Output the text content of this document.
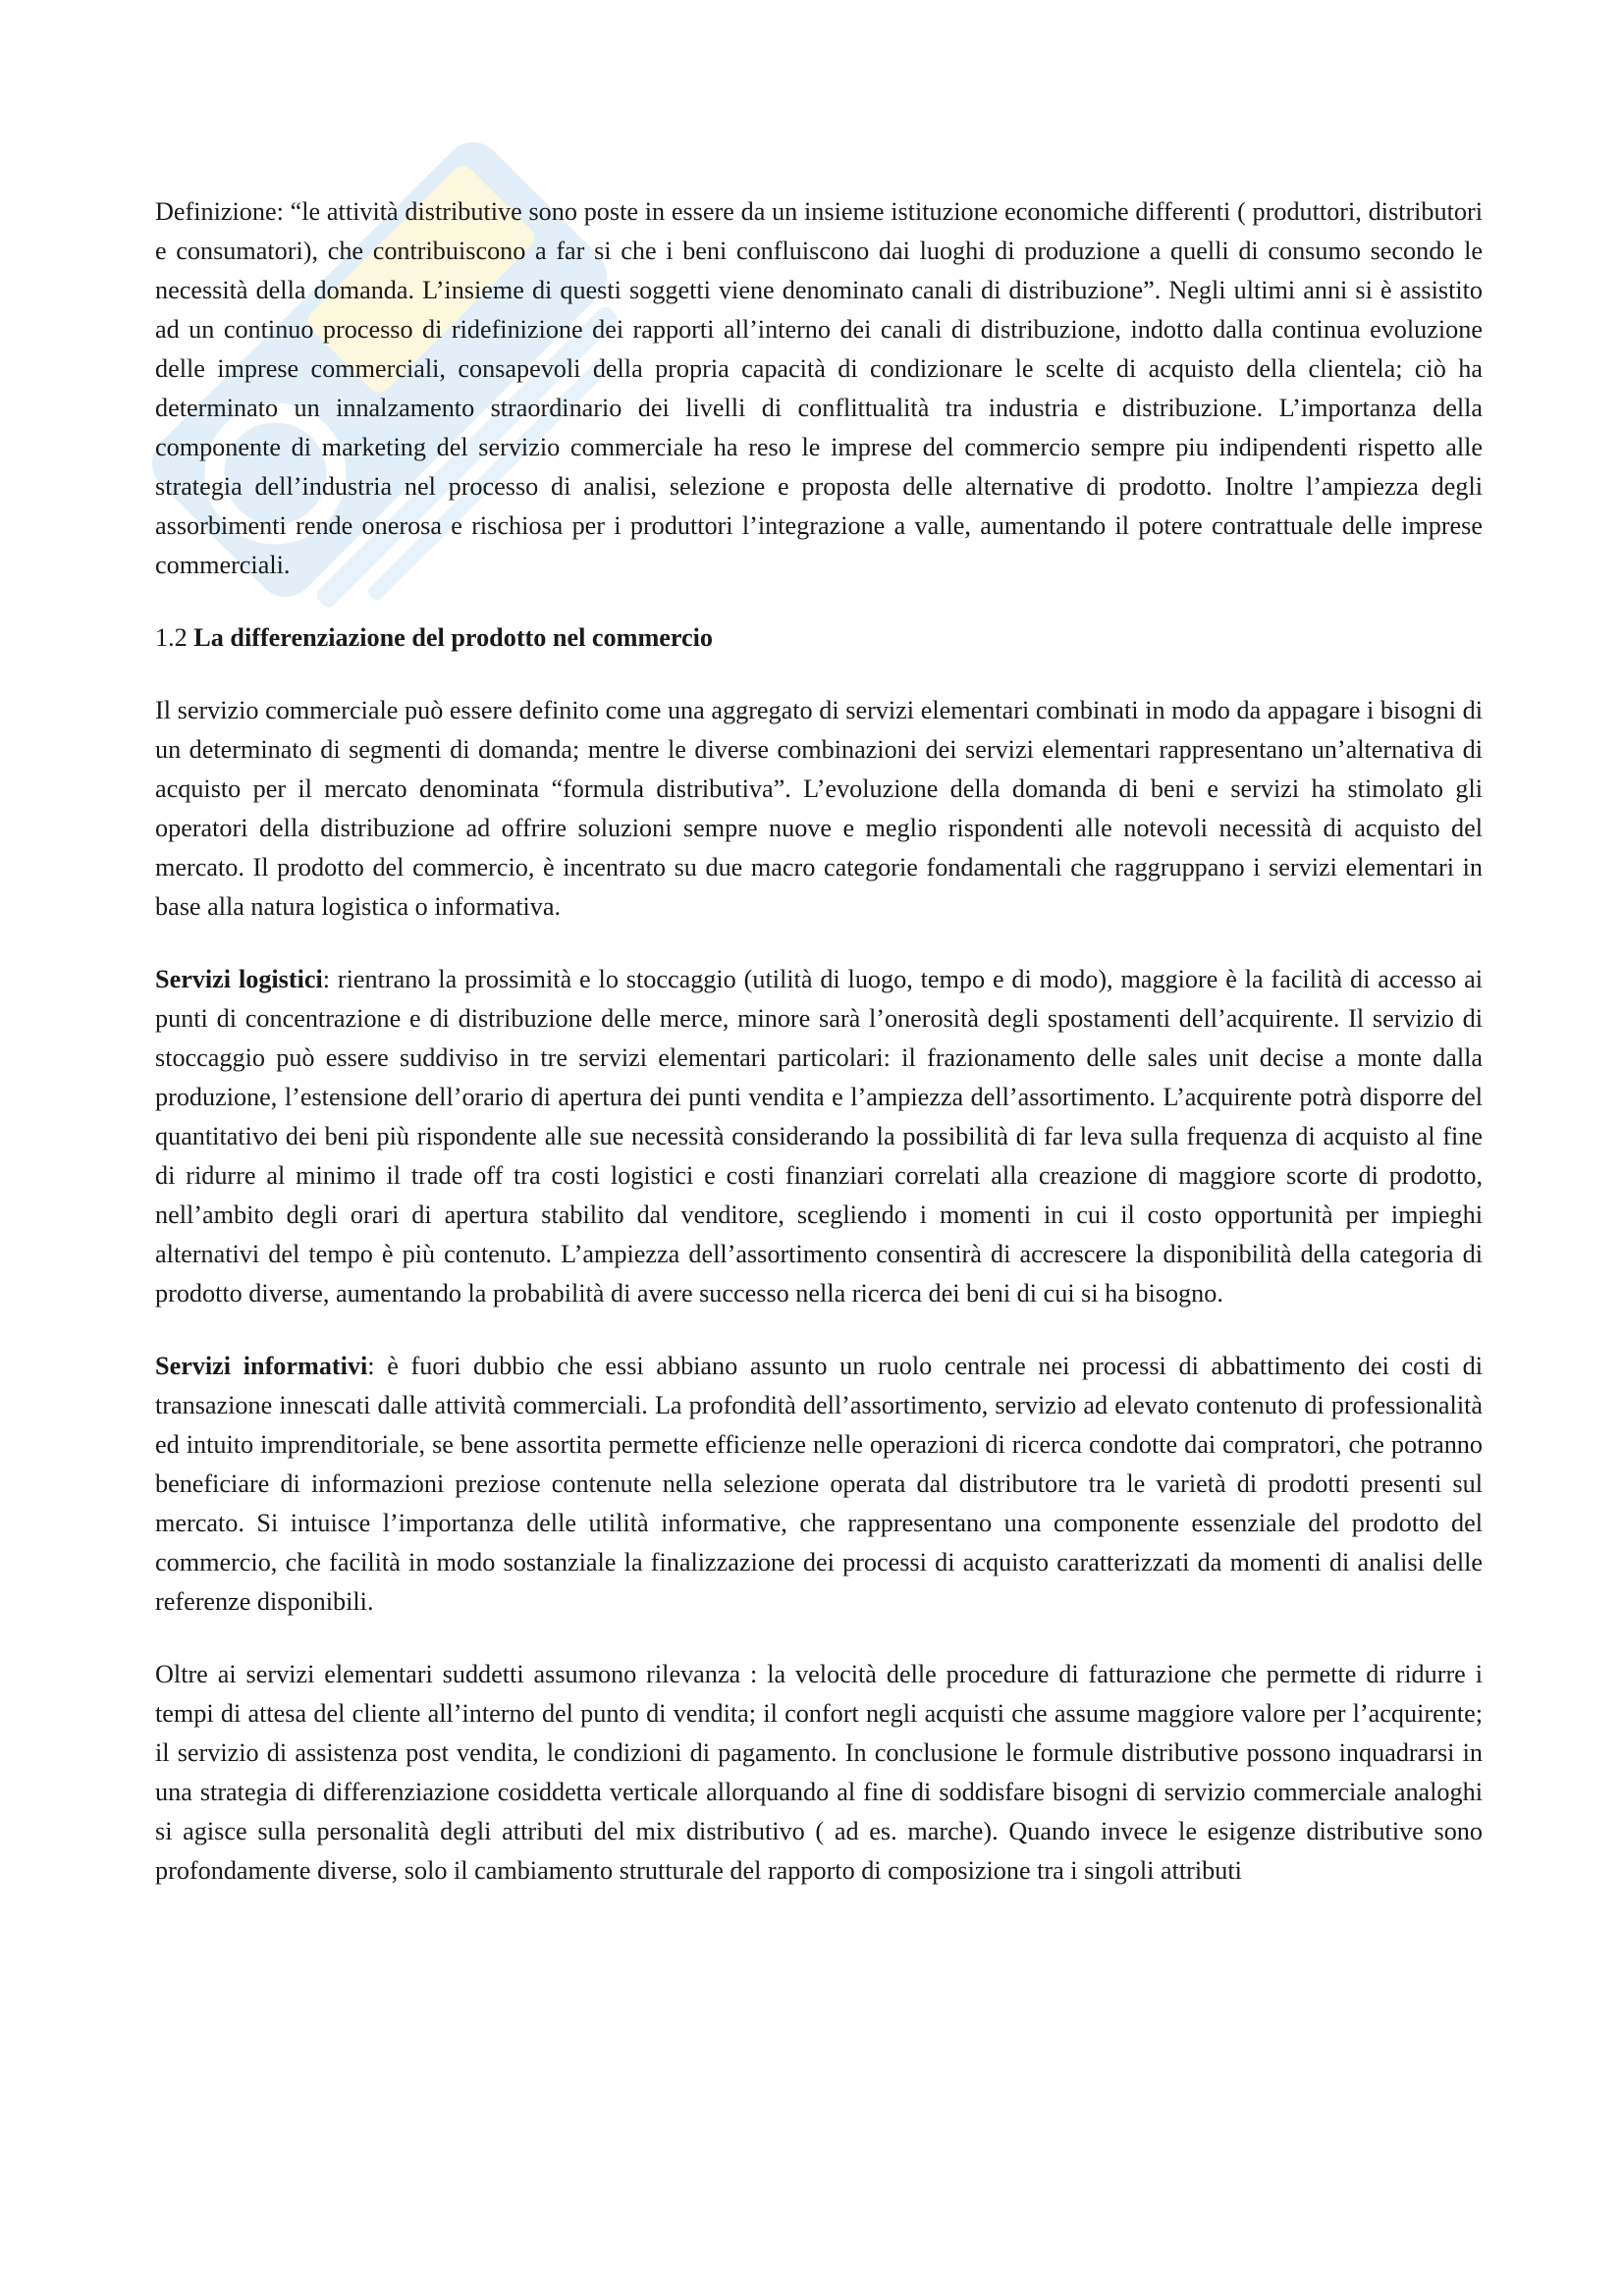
Definizione: “le attività distributive sono poste in essere da un insieme istituzione economiche differenti ( produttori, distributori e consumatori), che contribuiscono a far si che i beni confluiscono dai luoghi di produzione a quelli di consumo secondo le necessità della domanda. L’insieme di questi soggetti viene denominato canali di distribuzione”. Negli ultimi anni si è assistito ad un continuo processo di ridefinizione dei rapporti all’interno dei canali di distribuzione, indotto dalla continua evoluzione delle imprese commerciali, consapevoli della propria capacità di condizionare le scelte di acquisto della clientela; ciò ha determinato un innalzamento straordinario dei livelli di conflittualità tra industria e distribuzione. L’importanza della componente di marketing del servizio commerciale ha reso le imprese del commercio sempre piu indipendenti rispetto alle strategia dell’industria nel processo di analisi, selezione e proposta delle alternative di prodotto. Inoltre l’ampiezza degli assorbimenti rende onerosa e rischiosa per i produttori l’integrazione a valle, aumentando il potere contrattuale delle imprese commerciali.

1.2 La differenziazione del prodotto nel commercio

Il servizio commerciale può essere definito come una aggregato di servizi elementari combinati in modo da appagare i bisogni di un determinato di segmenti di domanda; mentre le diverse combinazioni dei servizi elementari rappresentano un’alternativa di acquisto per il mercato denominata “formula distributiva”. L’evoluzione della domanda di beni e servizi ha stimolato gli operatori della distribuzione ad offrire soluzioni sempre nuove e meglio rispondenti alle notevoli necessità di acquisto del mercato. Il prodotto del commercio, è incentrato su due macro categorie fondamentali che raggruppano i servizi elementari in base alla natura logistica o informativa.

Servizi logistici: rientrano la prossimità e lo stoccaggio (utilità di luogo, tempo e di modo), maggiore è la facilità di accesso ai punti di concentrazione e di distribuzione delle merce, minore sarà l’onerosità degli spostamenti dell’acquirente. Il servizio di stoccaggio può essere suddiviso in tre servizi elementari particolari: il frazionamento delle sales unit decise a monte dalla produzione, l’estensione dell’orario di apertura dei punti vendita e l’ampiezza dell’assortimento. L’acquirente potrà disporre del quantitativo dei beni più rispondente alle sue necessità considerando la possibilità di far leva sulla frequenza di acquisto al fine di ridurre al minimo il trade off tra costi logistici e costi finanziari correlati alla creazione di maggiore scorte di prodotto, nell’ambito degli orari di apertura stabilito dal venditore, scegliendo i momenti in cui il costo opportunità per impieghi alternativi del tempo è più contenuto. L’ampiezza dell’assortimento consentirà di accrescere la disponibilità della categoria di prodotto diverse, aumentando la probabilità di avere successo nella ricerca dei beni di cui si ha bisogno.

Servizi informativi: è fuori dubbio che essi abbiano assunto un ruolo centrale nei processi di abbattimento dei costi di transazione innescati dalle attività commerciali. La profondità dell’assortimento, servizio ad elevato contenuto di professionalità ed intuito imprenditoriale, se bene assortita permette efficienze nelle operazioni di ricerca condotte dai compratori, che potranno beneficiare di informazioni preziose contenute nella selezione operata dal distributore tra le varietà di prodotti presenti sul mercato. Si intuisce l’importanza delle utilità informative, che rappresentano una componente essenziale del prodotto del commercio, che facilità in modo sostanziale la finalizzazione dei processi di acquisto caratterizzati da momenti di analisi delle referenze disponibili.

Oltre ai servizi elementari suddetti assumono rilevanza : la velocità delle procedure di fatturazione che permette di ridurre i tempi di attesa del cliente all’interno del punto di vendita; il confort negli acquisti che assume maggiore valore per l’acquirente; il servizio di assistenza post vendita, le condizioni di pagamento. In conclusione le formule distributive possono inquadrarsi in una strategia di differenziazione cosiddetta verticale allorquando al fine di soddisfare bisogni di servizio commerciale analoghi si agisce sulla personalità degli attributi del mix distributivo ( ad es. marche). Quando invece le esigenze distributive sono profondamente diverse, solo il cambiamento strutturale del rapporto di composizione tra i singoli attributi
